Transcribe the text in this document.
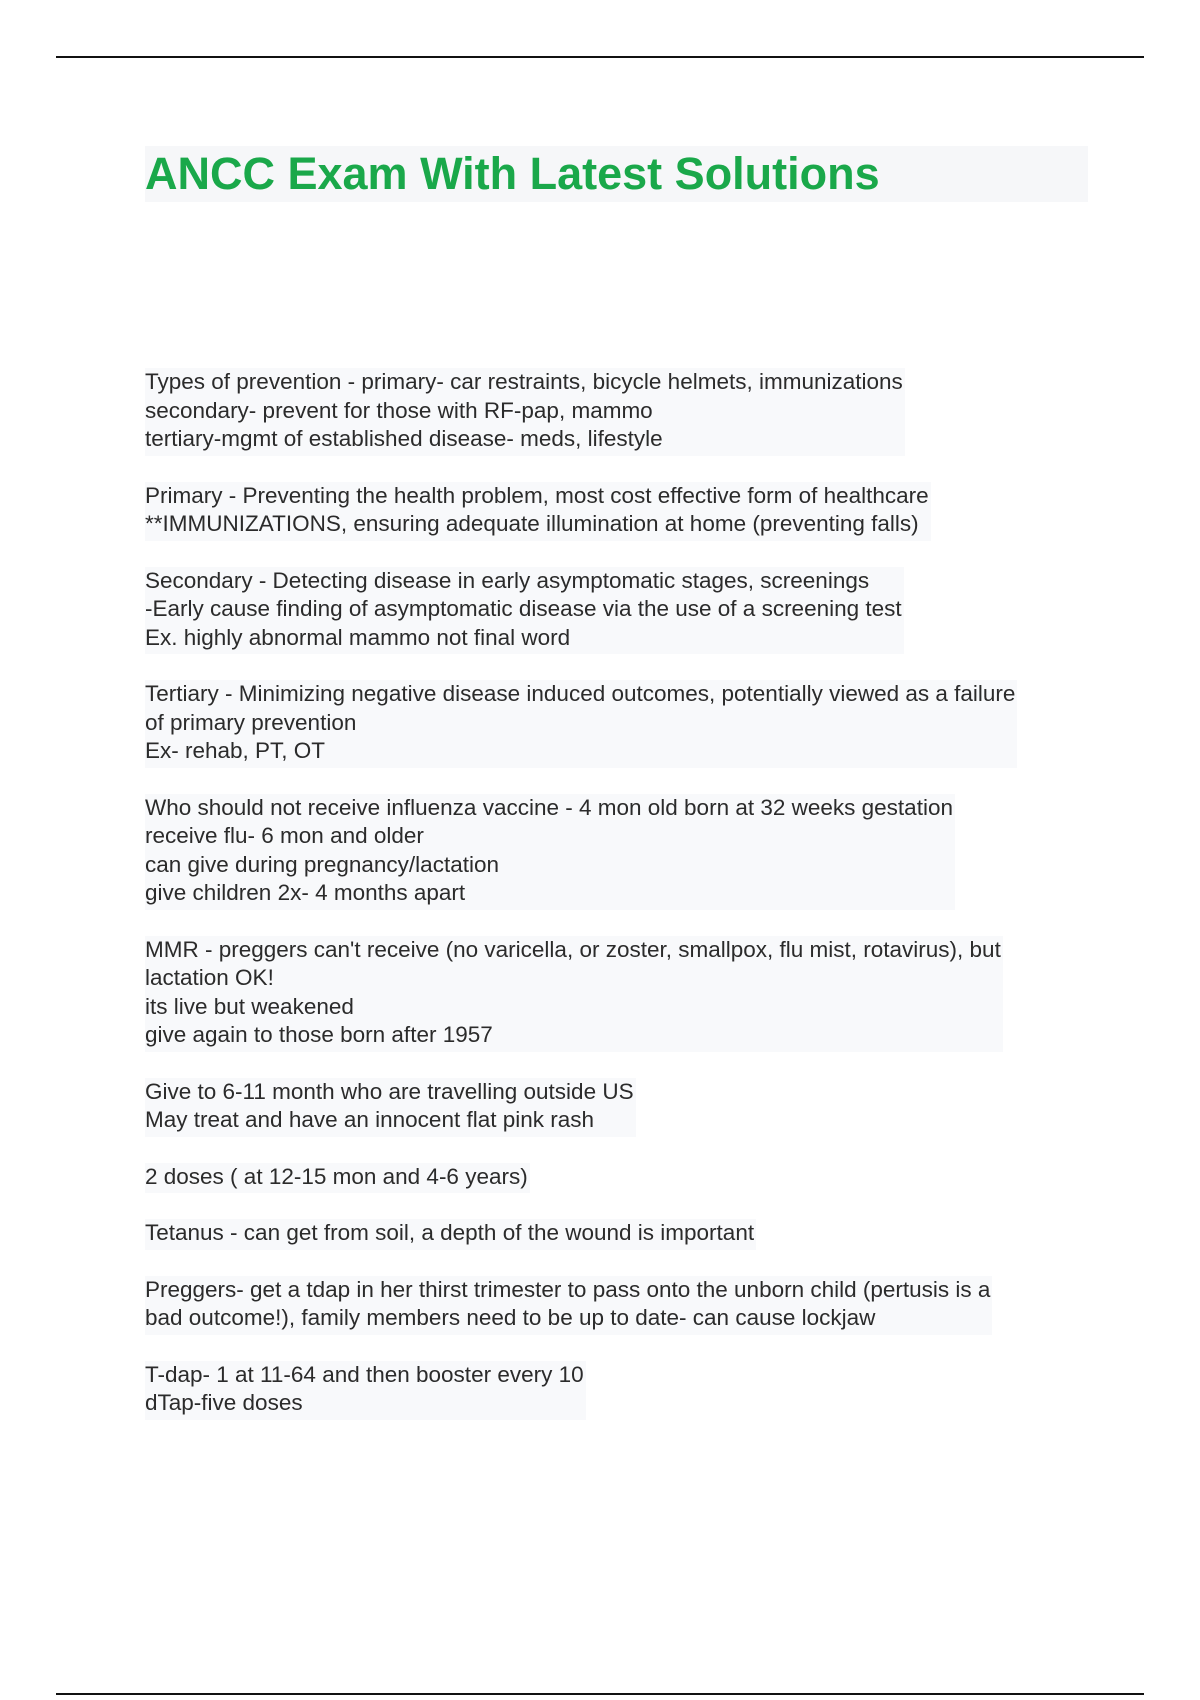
ANCC Exam With Latest Solutions
Types of prevention - primary- car restraints, bicycle helmets, immunizations
secondary- prevent for those with RF-pap, mammo
tertiary-mgmt of established disease- meds, lifestyle
Primary - Preventing the health problem, most cost effective form of healthcare
**IMMUNIZATIONS, ensuring adequate illumination at home (preventing falls)
Secondary - Detecting disease in early asymptomatic stages, screenings
-Early cause finding of asymptomatic disease via the use of a screening test
Ex. highly abnormal mammo not final word
Tertiary - Minimizing negative disease induced outcomes, potentially viewed as a failure
of primary prevention
Ex- rehab, PT, OT
Who should not receive influenza vaccine - 4 mon old born at 32 weeks gestation
receive flu- 6 mon and older
can give during pregnancy/lactation
give children 2x- 4 months apart
MMR - preggers can't receive (no varicella, or zoster, smallpox, flu mist, rotavirus), but
lactation OK!
its live but weakened
give again to those born after 1957
Give to 6-11 month who are travelling outside US
May treat and have an innocent flat pink rash
2 doses ( at 12-15 mon and 4-6 years)
Tetanus - can get from soil, a depth of the wound is important
Preggers- get a tdap in her thirst trimester to pass onto the unborn child (pertusis is a
bad outcome!), family members need to be up to date- can cause lockjaw
T-dap- 1 at 11-64 and then booster every 10
dTap-five doses
